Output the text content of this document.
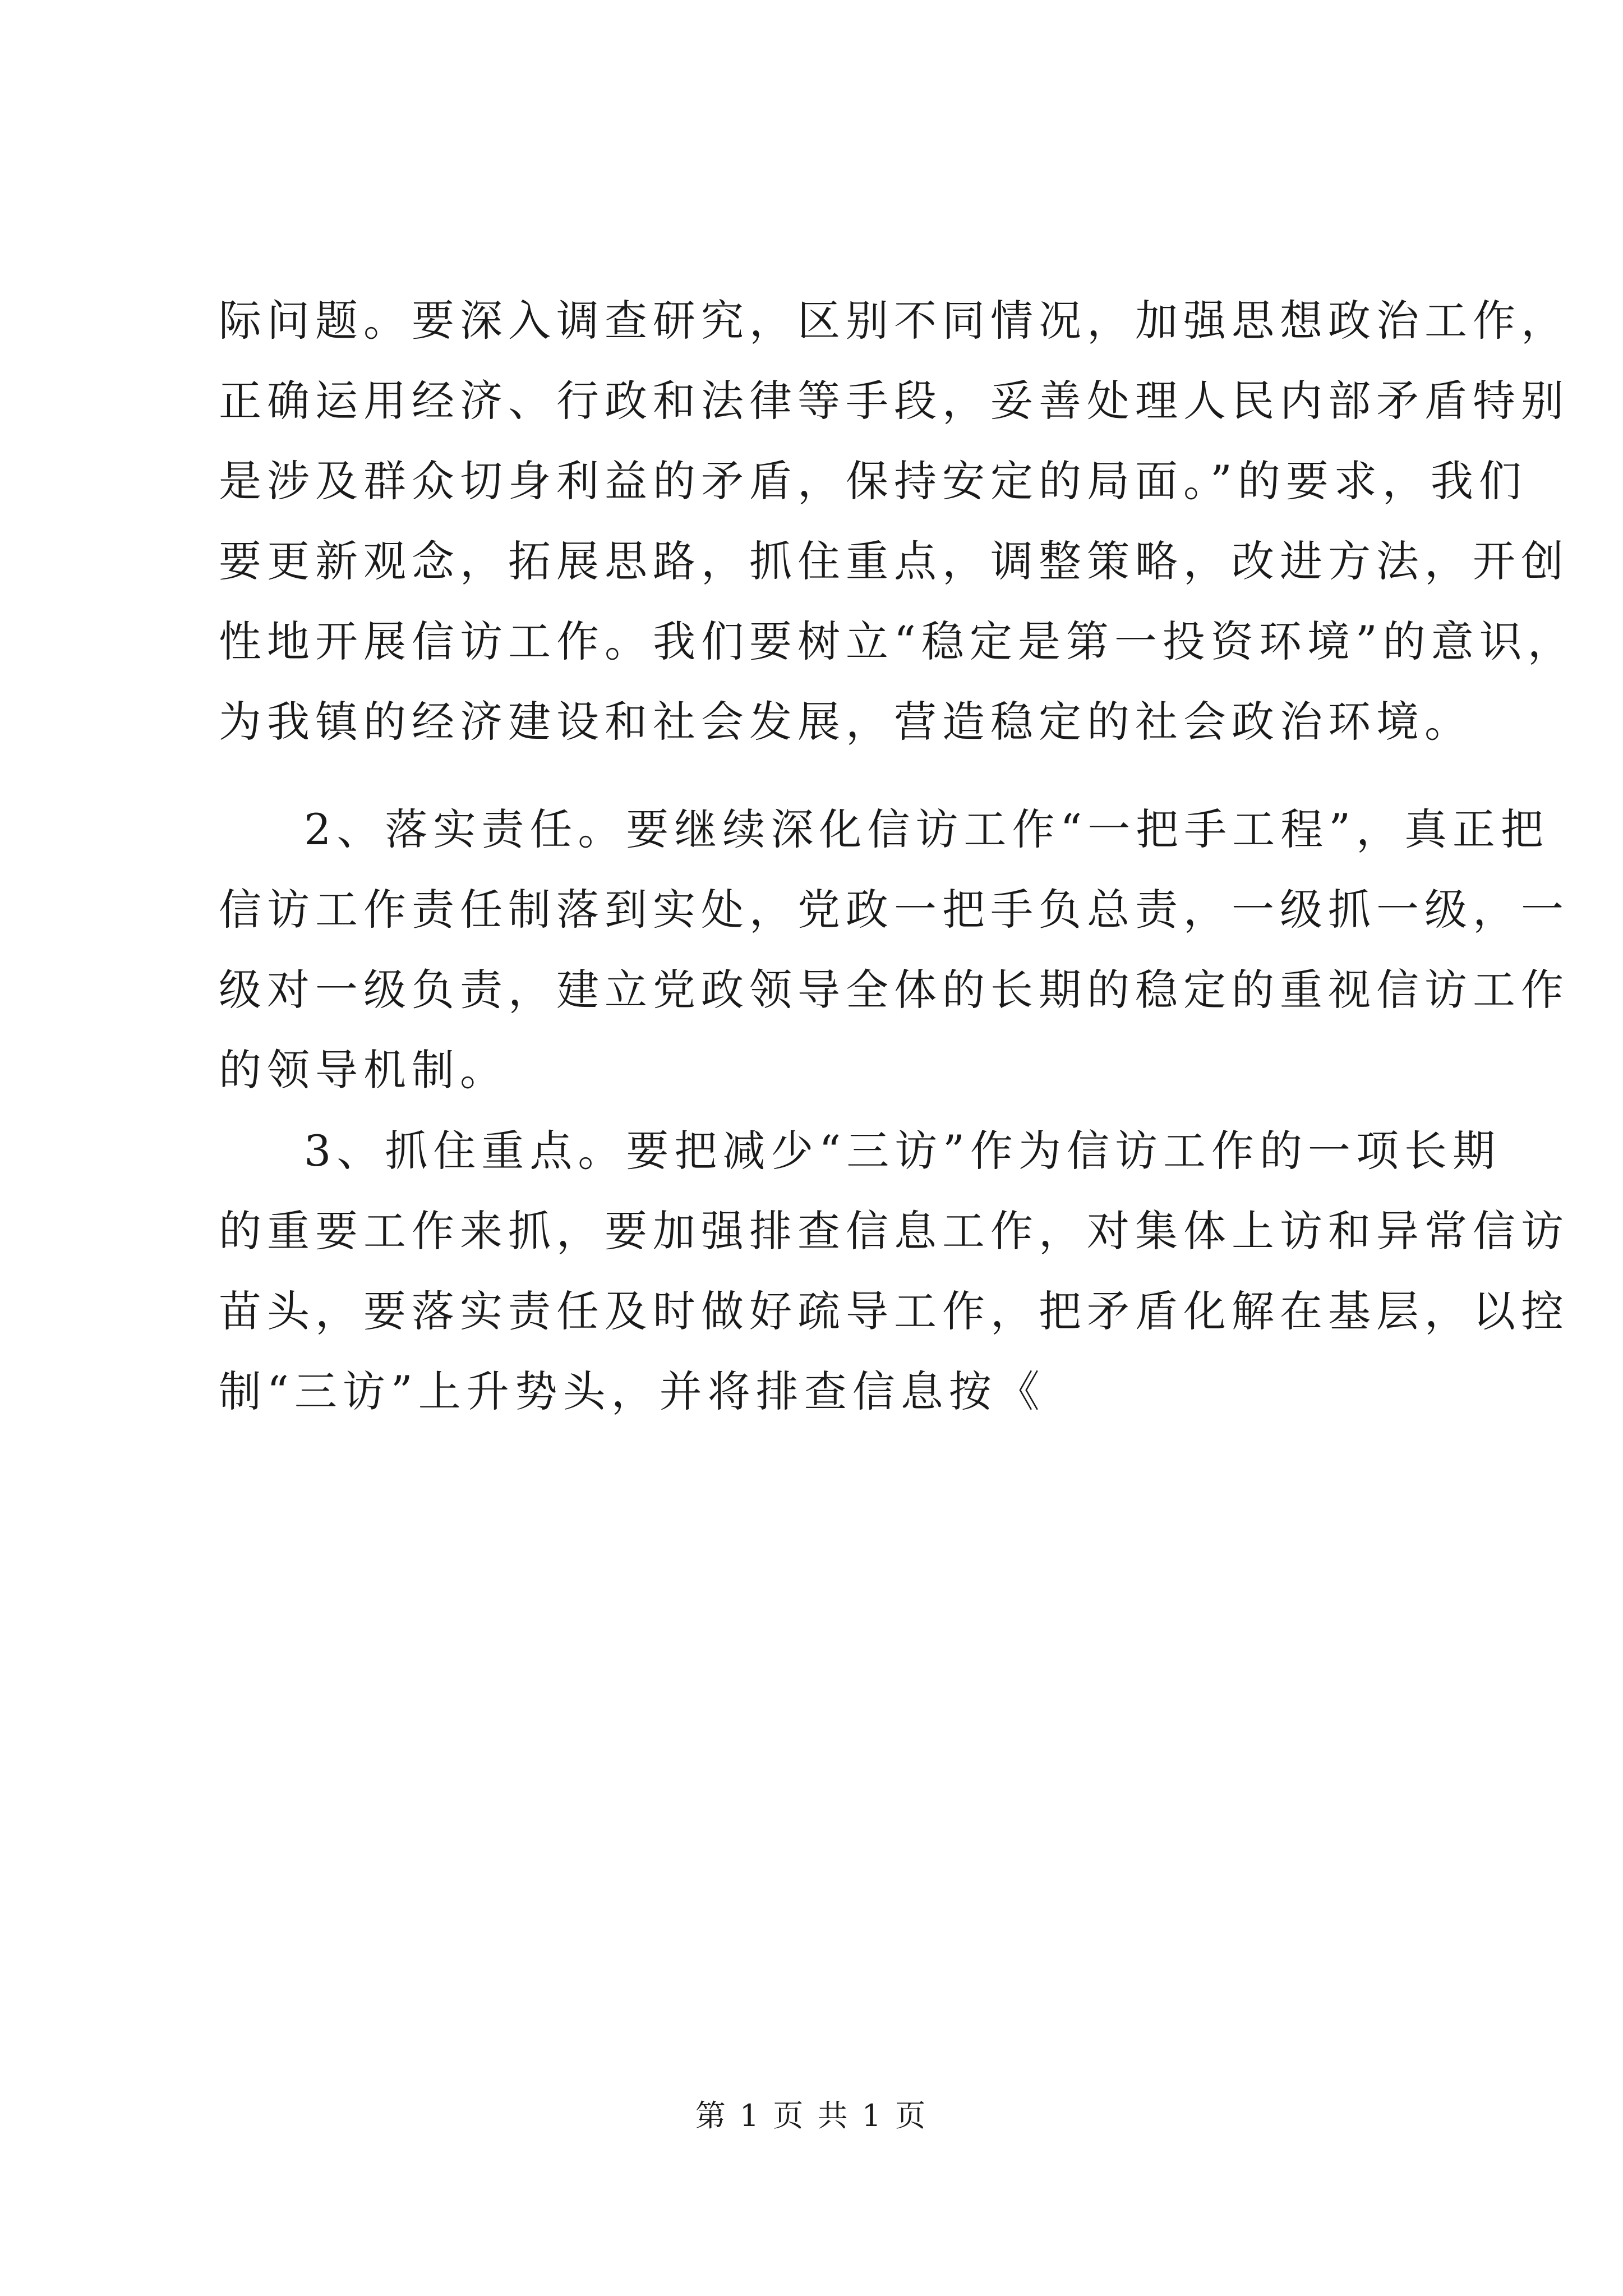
际问题。要深入调查研究，区别不同情况，加强思想政治工作，
正确运用经济、行政和法律等手段，妥善处理人民内部矛盾特别
是涉及群众切身利益的矛盾，保持安定的局面。”的要求，我们
要更新观念，拓展思路，抓住重点，调整策略，改进方法，开创
性地开展信访工作。我们要树立“稳定是第一投资环境”的意识，
为我镇的经济建设和社会发展，营造稳定的社会政治环境。
2、落实责任。要继续深化信访工作“一把手工程”，真正把
信访工作责任制落到实处，党政一把手负总责，一级抓一级，一
级对一级负责，建立党政领导全体的长期的稳定的重视信访工作
的领导机制。
3、抓住重点。要把减少“三访”作为信访工作的一项长期
的重要工作来抓，要加强排查信息工作，对集体上访和异常信访
苗头，要落实责任及时做好疏导工作，把矛盾化解在基层，以控
制“三访”上升势头，并将排查信息按《
第 1 页 共 1 页
